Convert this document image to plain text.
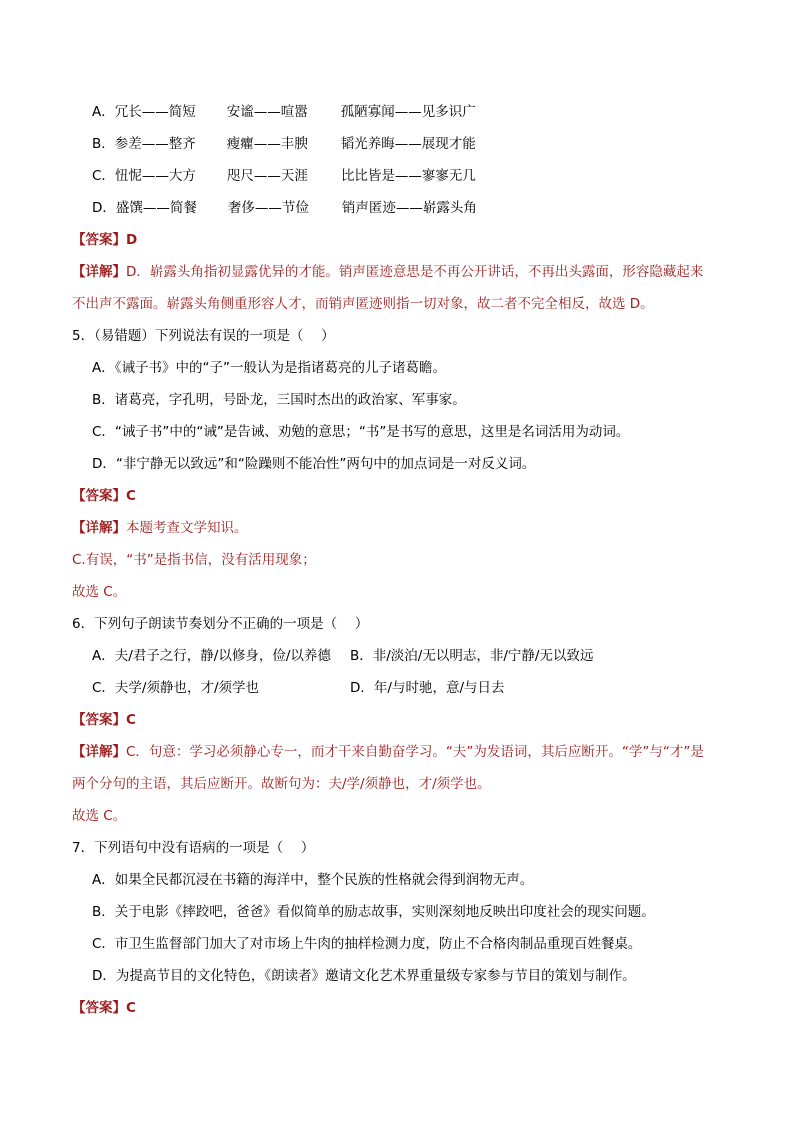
A．冗长——简短 安谧——喧嚣 孤陋寡闻——见多识广
B．参差——整齐 瘦癯——丰腴 韬光养晦——展现才能
C．忸怩——大方 咫尺——天涯 比比皆是——寥寥无几
D．盛馔——简餐 奢侈——节俭 销声匿迹——崭露头角
【答案】D
【详解】D．崭露头角指初显露优异的才能。销声匿迹意思是不再公开讲话，不再出头露面，形容隐藏起来
不出声不露面。崭露头角侧重形容人才，而销声匿迹则指一切对象，故二者不完全相反，故选 D。
5．（易错题）下列说法有误的一项是（　 ）
A．《诫子书》中的“子”一般认为是指诸葛亮的儿子诸葛瞻。
B．诸葛亮，字孔明，号卧龙，三国时杰出的政治家、军事家。
C．“诫子书”中的“诫”是告诫、劝勉的意思；“书”是书写的意思，这里是名词活用为动词。
D．“非宁静无以致远”和“险躁则不能冶性”两句中的加点词是一对反义词。
【答案】C
【详解】本题考查文学知识。
C.有误，“书”是指书信，没有活用现象；
故选 C。
6．下列句子朗读节奏划分不正确的一项是（　 ）
A．夫/君子之行，静/以修身，俭/以养德 B．非/淡泊/无以明志，非/宁静/无以致远
C．夫学/须静也，才/须学也	D．年/与时驰，意/与日去
【答案】C
【详解】C．句意：学习必须静心专一，而才干来自勤奋学习。“夫”为发语词，其后应断开。“学”与“才”是
两个分句的主语，其后应断开。故断句为：夫/学/须静也，才/须学也。
故选 C。
7．下列语句中没有语病的一项是（　 ）
A．如果全民都沉浸在书籍的海洋中，整个民族的性格就会得到润物无声。
B．关于电影《摔跤吧，爸爸》看似简单的励志故事，实则深刻地反映出印度社会的现实问题。
C．市卫生监督部门加大了对市场上牛肉的抽样检测力度，防止不合格肉制品重现百姓餐桌。
D．为提高节目的文化特色，《朗读者》邀请文化艺术界重量级专家参与节目的策划与制作。
【答案】C
